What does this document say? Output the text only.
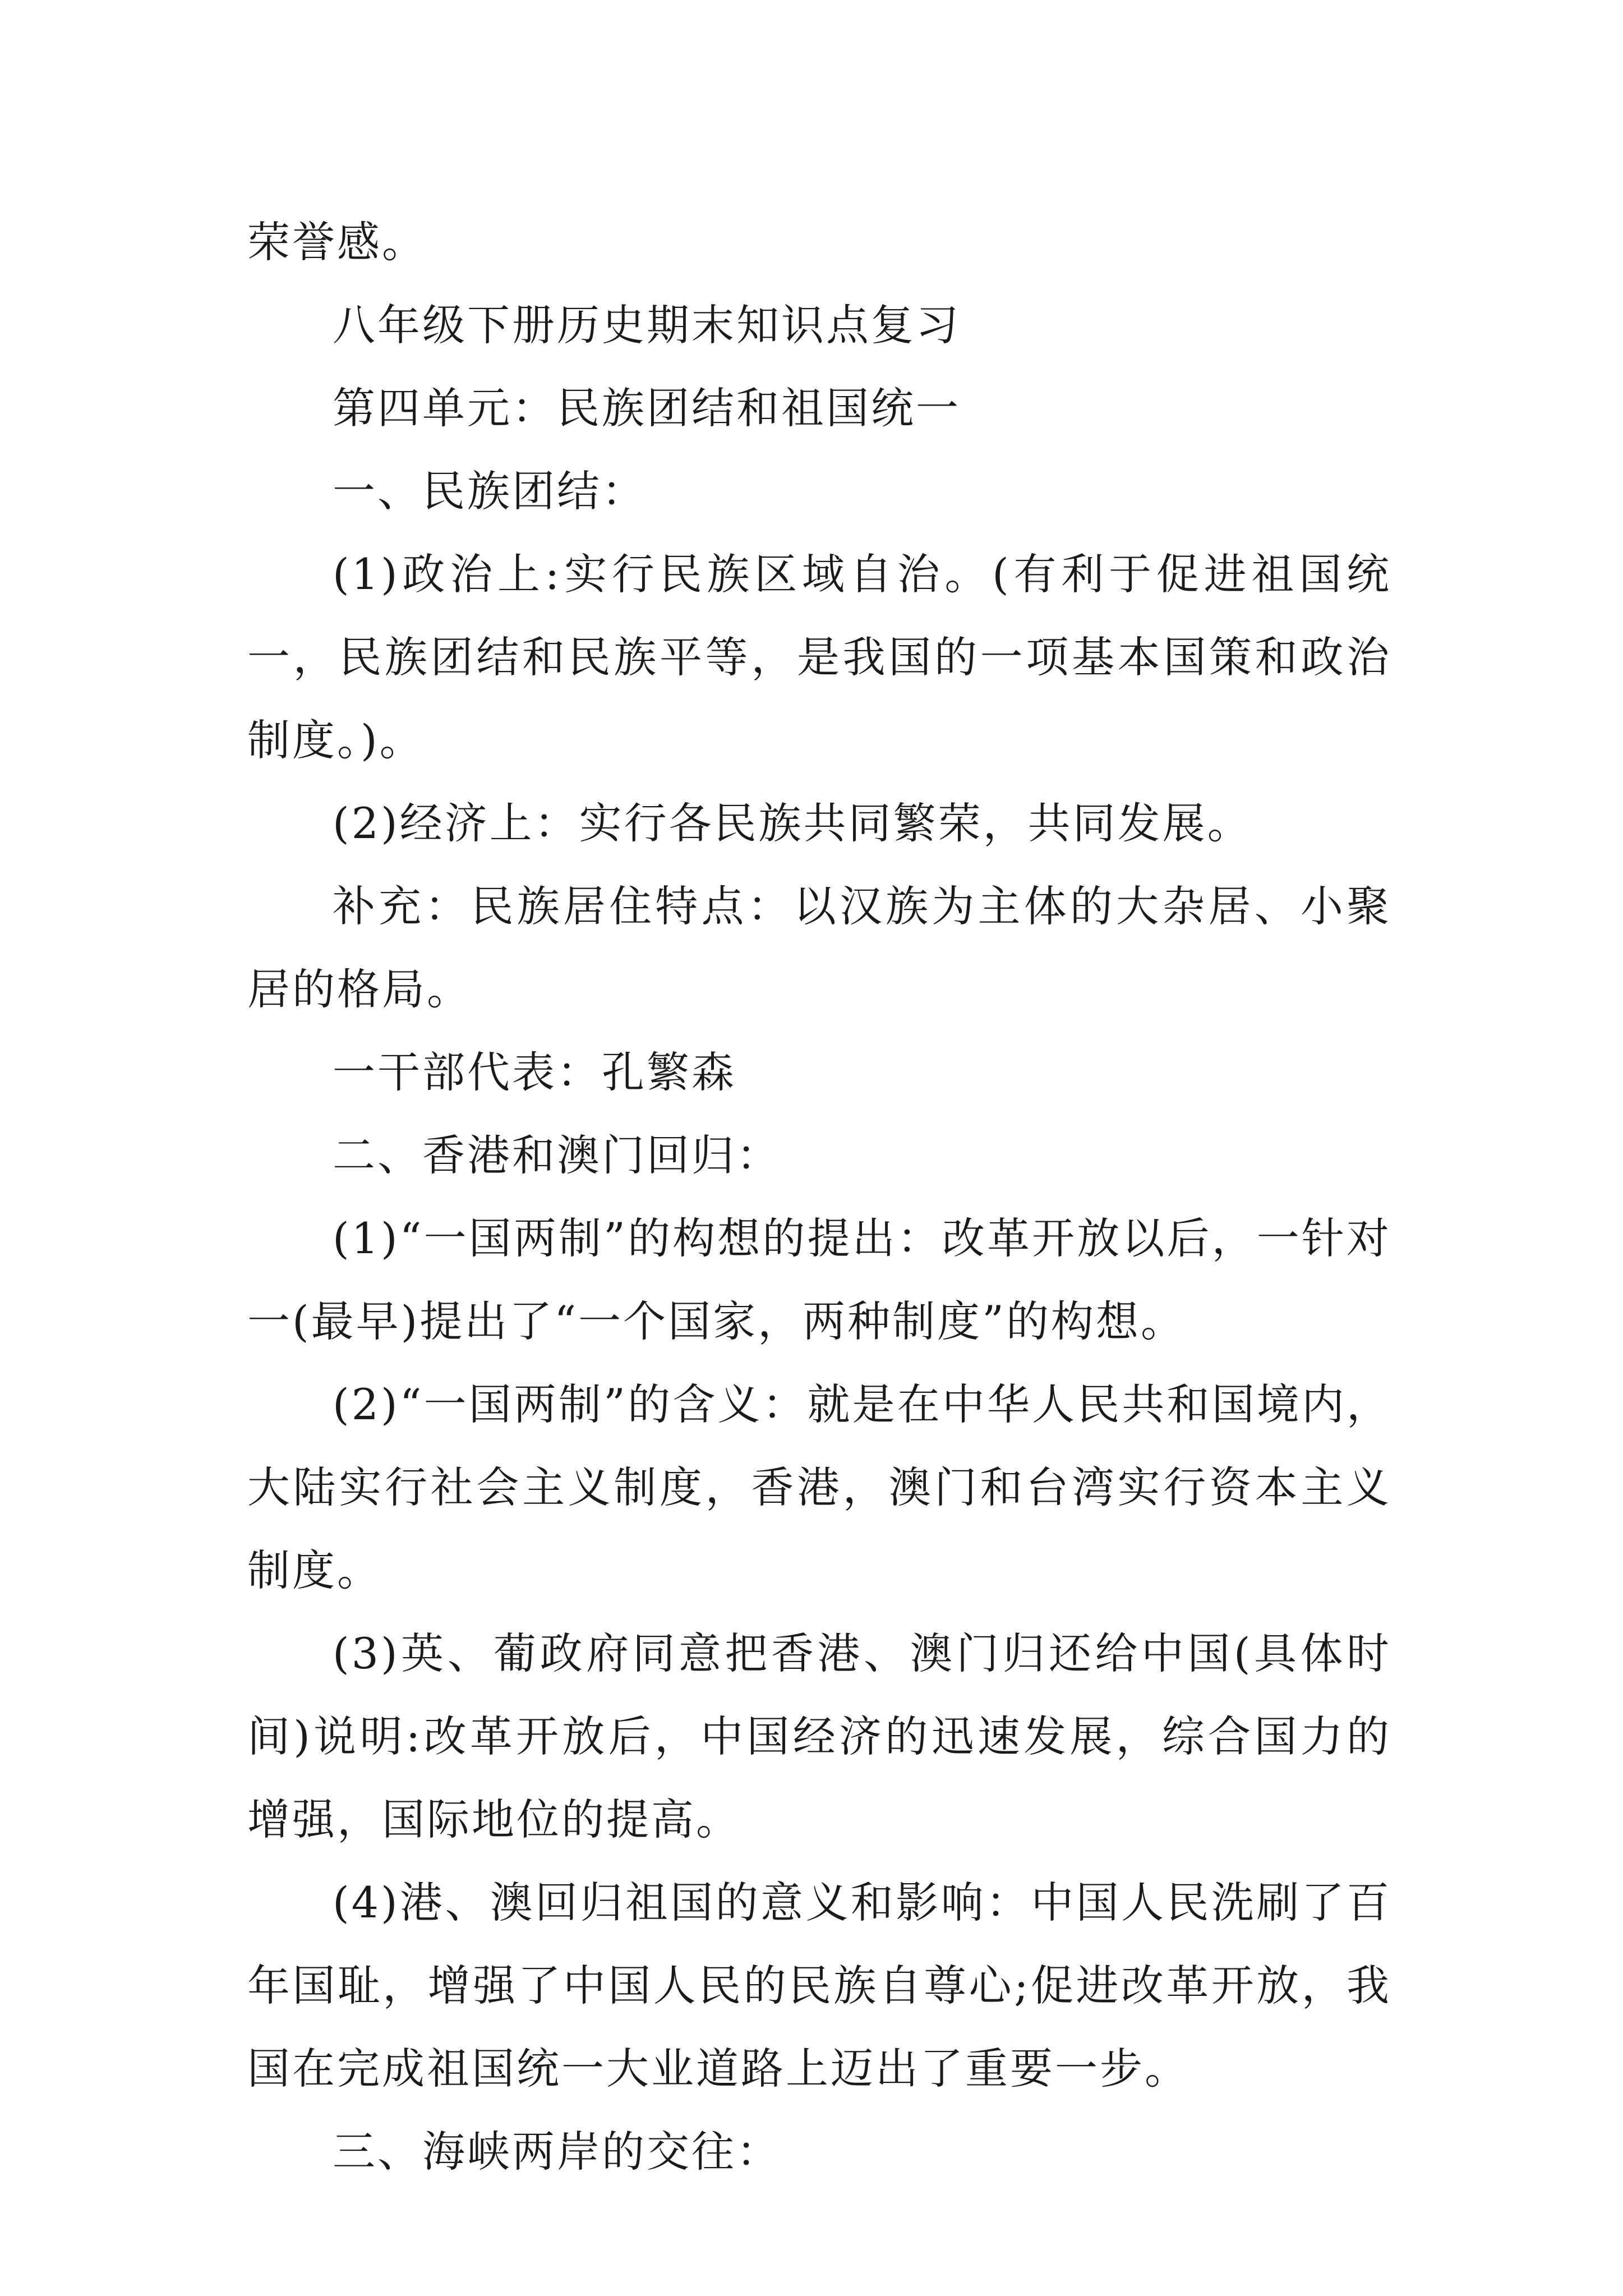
荣誉感。

八年级下册历史期末知识点复习

第四单元：民族团结和祖国统一

一、民族团结：

(1)政治上:实行民族区域自治。(有利于促进祖国统一，民族团结和民族平等，是我国的一项基本国策和政治制度。)。

(2)经济上：实行各民族共同繁荣，共同发展。

补充：民族居住特点：以汉族为主体的大杂居、小聚居的格局。

一干部代表：孔繁森

二、香港和澳门回归：

(1)“一国两制”的构想的提出：改革开放以后，一针对一(最早)提出了“一个国家，两种制度”的构想。

(2)“一国两制”的含义：就是在中华人民共和国境内，大陆实行社会主义制度，香港，澳门和台湾实行资本主义制度。

(3)英、葡政府同意把香港、澳门归还给中国(具体时间)说明:改革开放后，中国经济的迅速发展，综合国力的增强，国际地位的提高。

(4)港、澳回归祖国的意义和影响：中国人民洗刷了百年国耻，增强了中国人民的民族自尊心;促进改革开放，我国在完成祖国统一大业道路上迈出了重要一步。

三、海峡两岸的交往：
